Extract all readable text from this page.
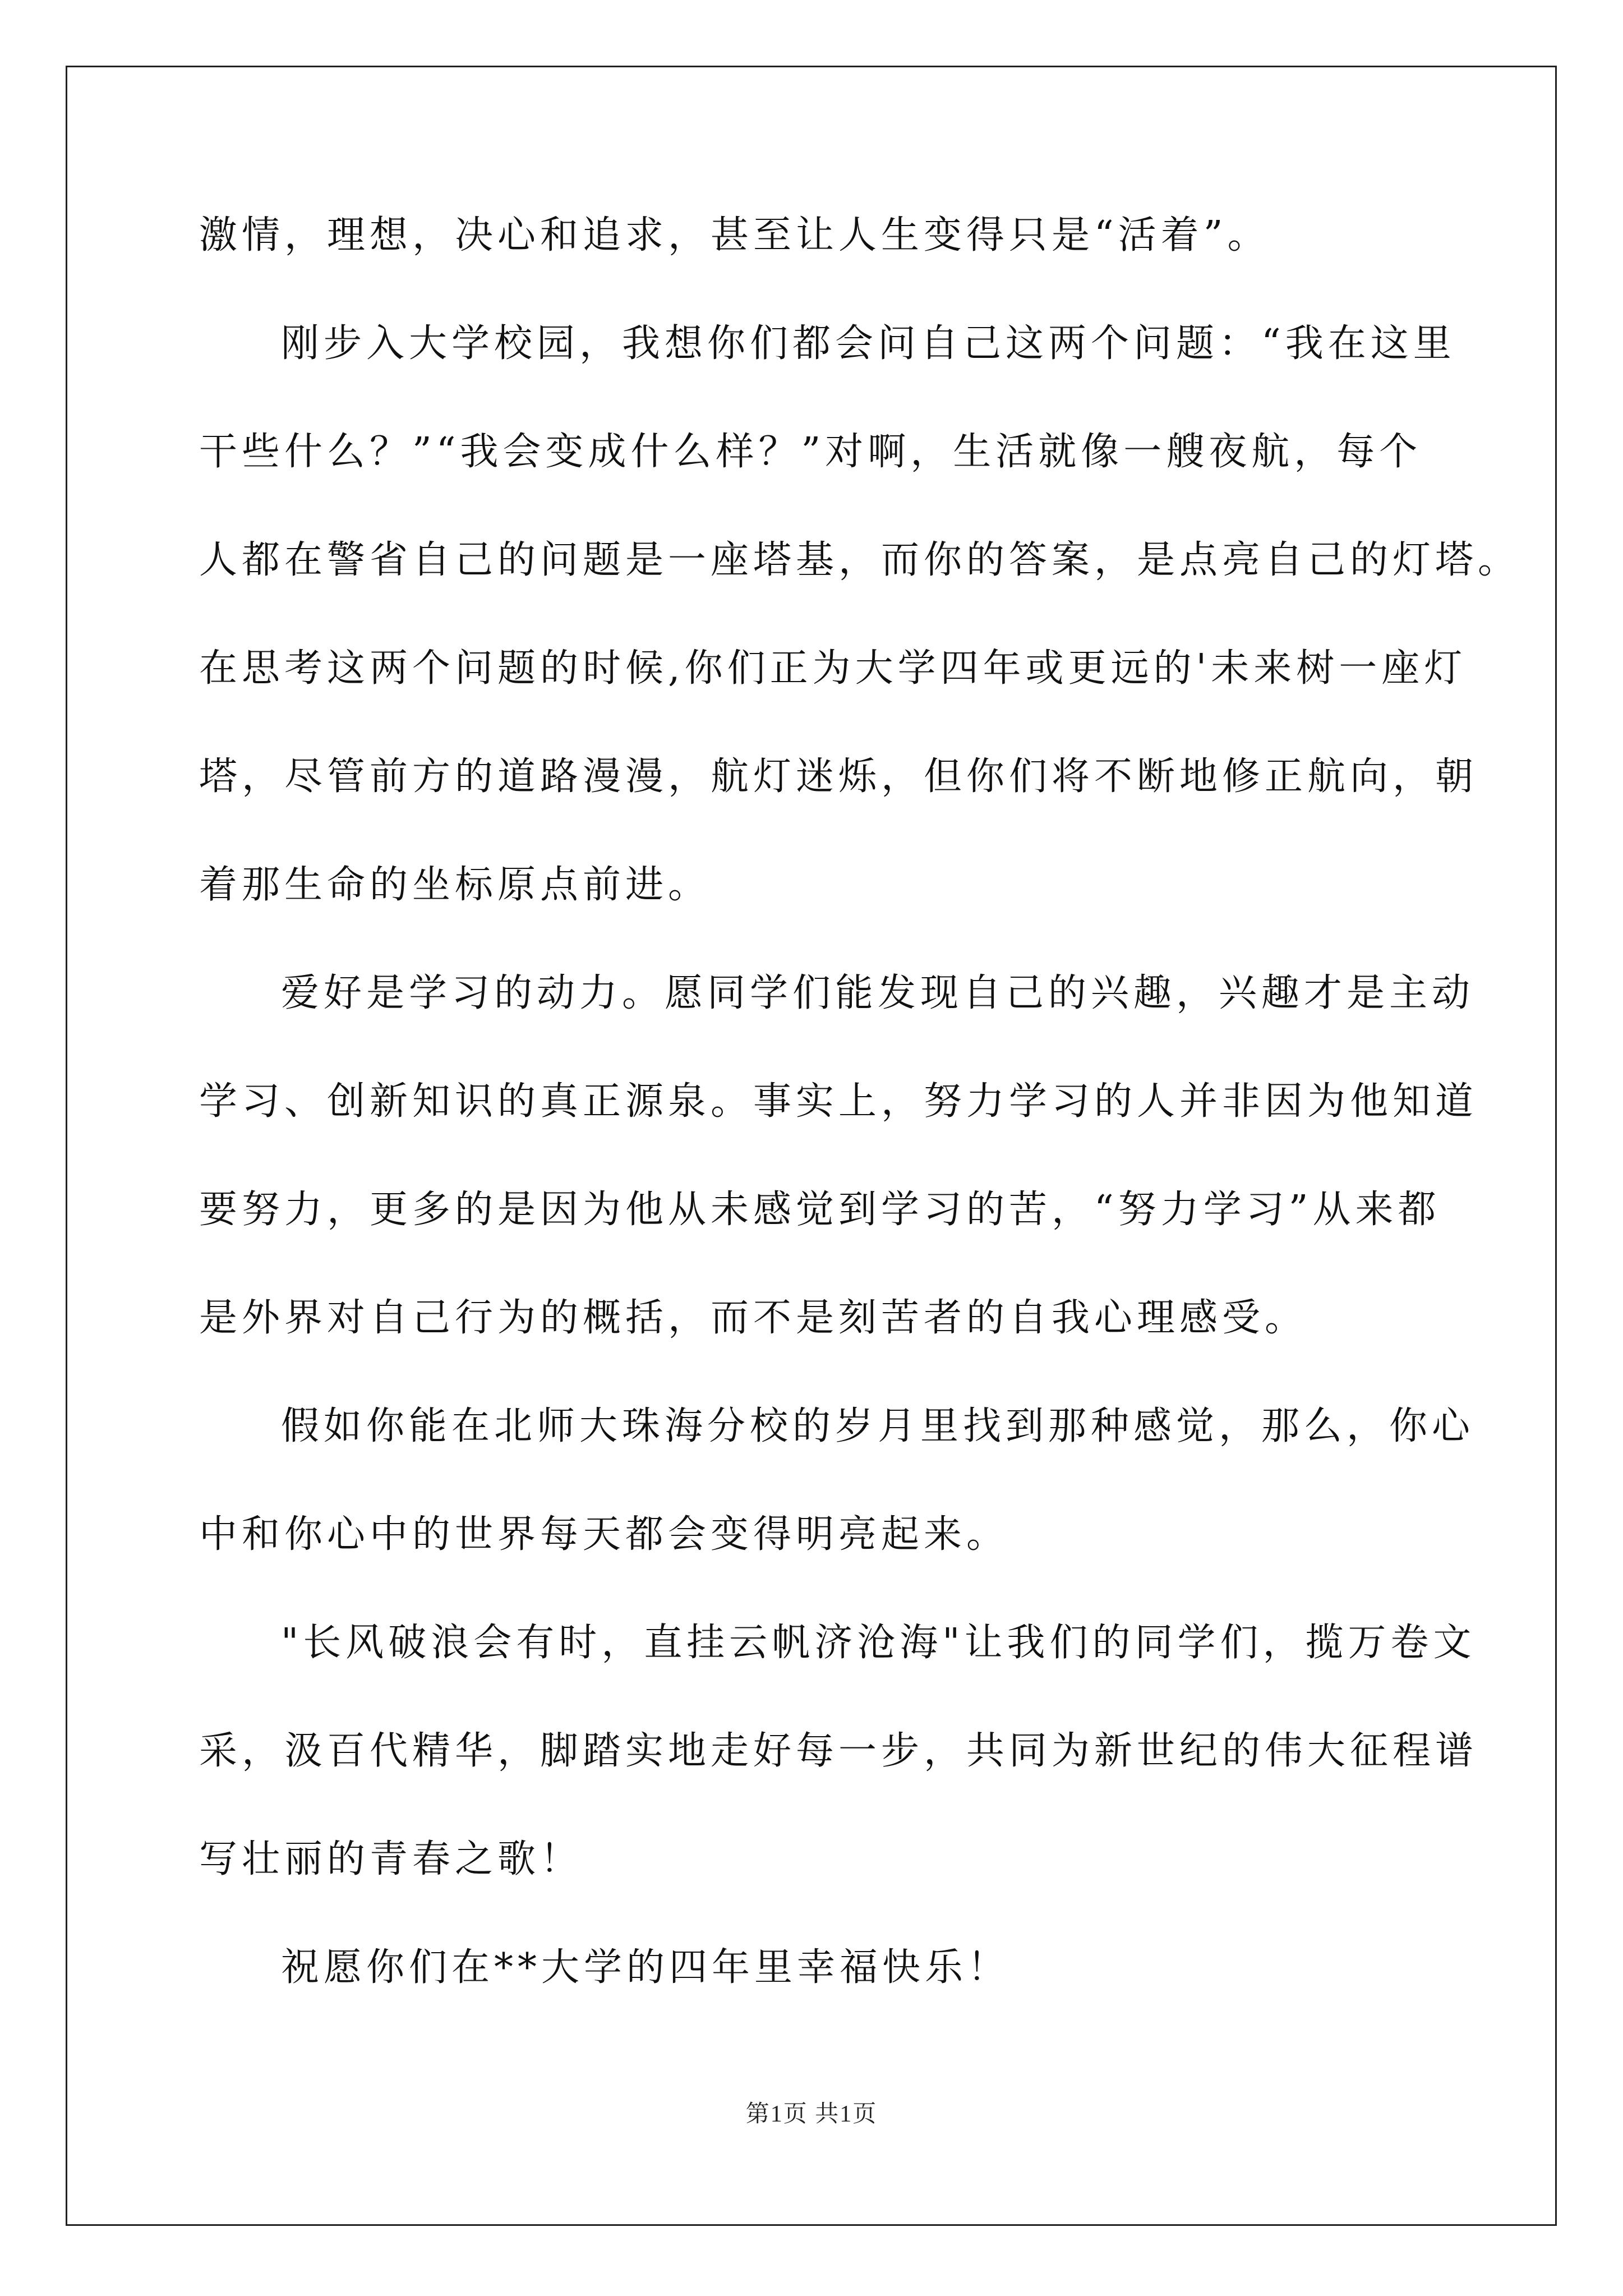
激情，理想，决心和追求，甚至让人生变得只是“活着”。
刚步入大学校园，我想你们都会问自己这两个问题：“我在这里
干些什么？”“我会变成什么样？”对啊，生活就像一艘夜航，每个
人都在警省自己的问题是一座塔基，而你的答案，是点亮自己的灯塔。
在思考这两个问题的时候,你们正为大学四年或更远的'未来树一座灯
塔，尽管前方的道路漫漫，航灯迷烁，但你们将不断地修正航向，朝
着那生命的坐标原点前进。
爱好是学习的动力。愿同学们能发现自己的兴趣，兴趣才是主动
学习、创新知识的真正源泉。事实上，努力学习的人并非因为他知道
要努力，更多的是因为他从未感觉到学习的苦，“努力学习”从来都
是外界对自己行为的概括，而不是刻苦者的自我心理感受。
假如你能在北师大珠海分校的岁月里找到那种感觉，那么，你心
中和你心中的世界每天都会变得明亮起来。
"长风破浪会有时，直挂云帆济沧海"让我们的同学们，揽万卷文
采，汲百代精华，脚踏实地走好每一步，共同为新世纪的伟大征程谱
写壮丽的青春之歌！
祝愿你们在**大学的四年里幸福快乐！
第1页 共1页
